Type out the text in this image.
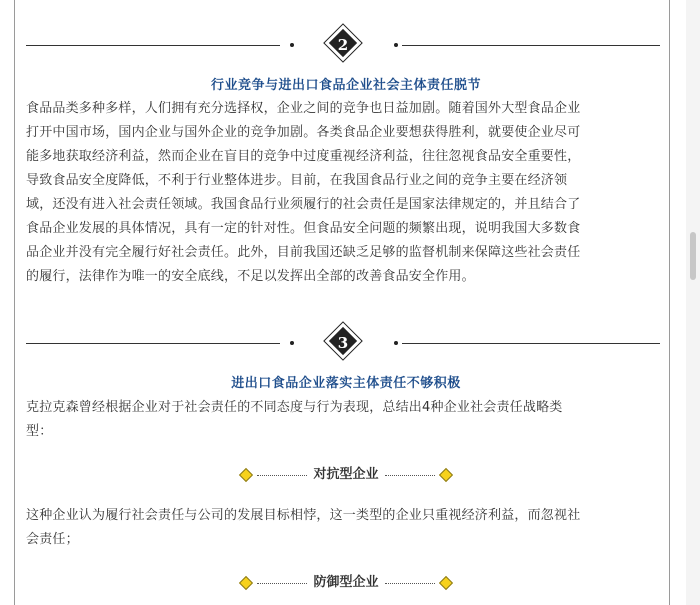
2
行业竞争与进出口食品企业社会主体责任脱节
食品品类多种多样，人们拥有充分选择权，企业之间的竞争也日益加剧。随着国外大型食品企业
打开中国市场，国内企业与国外企业的竞争加剧。各类食品企业要想获得胜利，就要使企业尽可
能多地获取经济利益，然而企业在盲目的竞争中过度重视经济利益，往往忽视食品安全重要性，
导致食品安全度降低，不利于行业整体进步。目前，在我国食品行业之间的竞争主要在经济领
域，还没有进入社会责任领域。我国食品行业须履行的社会责任是国家法律规定的，并且结合了
食品企业发展的具体情况，具有一定的针对性。但食品安全问题的频繁出现，说明我国大多数食
品企业并没有完全履行好社会责任。此外，目前我国还缺乏足够的监督机制来保障这些社会责任
的履行，法律作为唯一的安全底线，不足以发挥出全部的改善食品安全作用。
3
进出口食品企业落实主体责任不够积极
克拉克森曾经根据企业对于社会责任的不同态度与行为表现，总结出4种企业社会责任战略类
型：
对抗型企业
这种企业认为履行社会责任与公司的发展目标相悖，这一类型的企业只重视经济利益，而忽视社
会责任；
防御型企业
